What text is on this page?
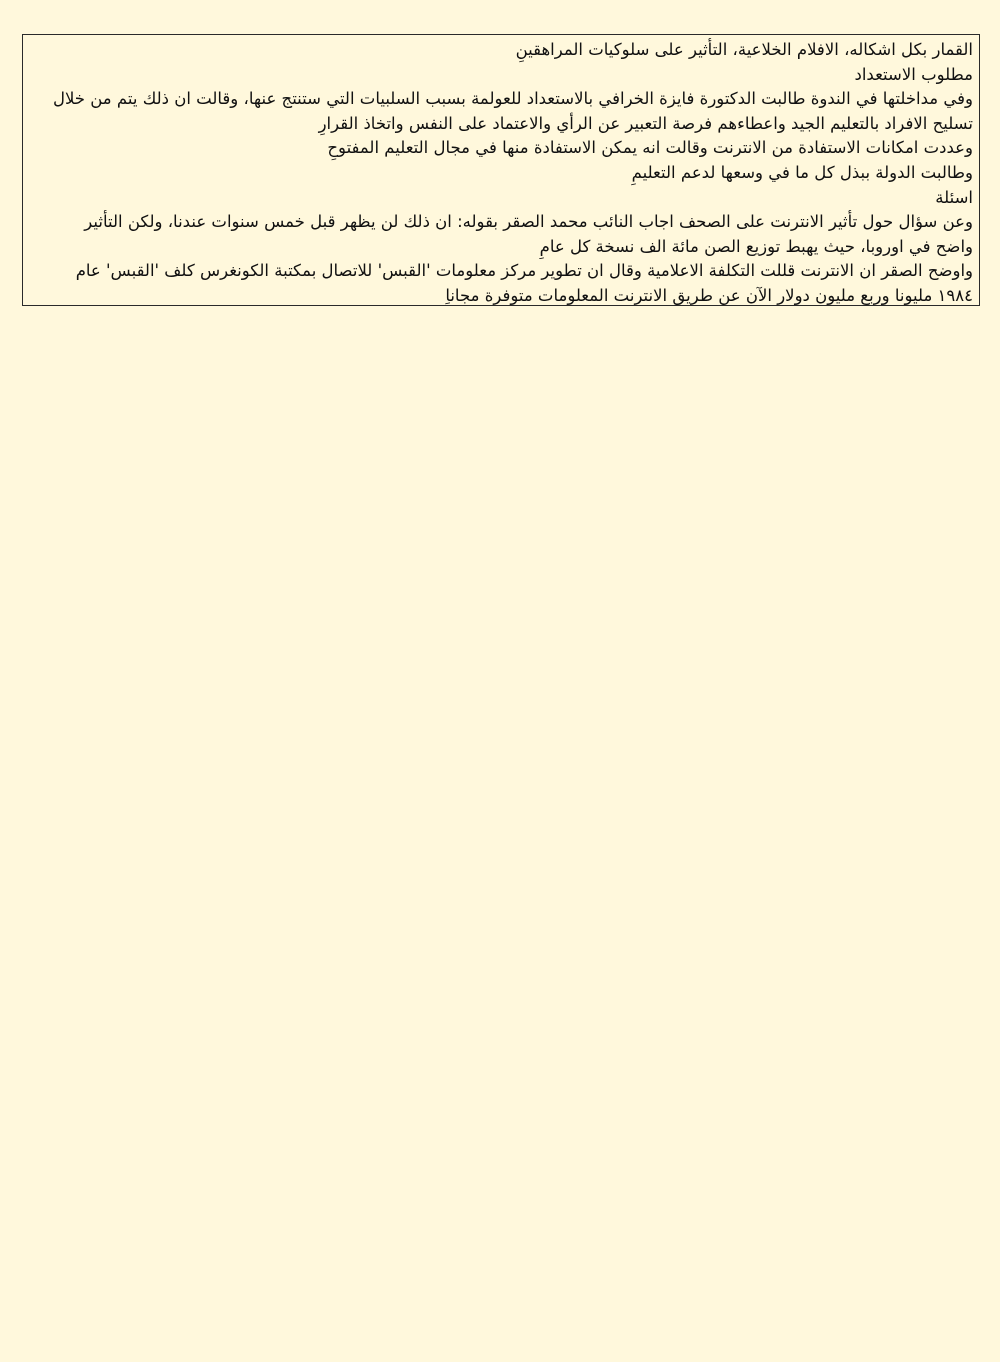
القمار بكل اشكاله، الافلام الخلاعية، التأثير على سلوكيات المراهقينِ
مطلوب الاستعداد
وفي مداخلتها في الندوة طالبت الدكتورة فايزة الخرافي بالاستعداد للعولمة بسبب السلبيات التي ستنتج عنها، وقالت ان ذلك يتم من خلال
تسليح الافراد بالتعليم الجيد واعطاءهم فرصة التعبير عن الرأي والاعتماد على النفس واتخاذ القرارِ
وعددت امكانات الاستفادة من الانترنت وقالت انه يمكن الاستفادة منها في مجال التعليم المفتوحِ
وطالبت الدولة ببذل كل ما في وسعها لدعم التعليمِ
اسئلة
وعن سؤال حول تأثير الانترنت على الصحف اجاب النائب محمد الصقر بقوله: ان ذلك لن يظهر قبل خمس سنوات عندنا، ولكن التأثير
واضح في اوروبا، حيث يهبط توزيع الصن مائة الف نسخة كل عامِ
واوضح الصقر ان الانترنت قللت التكلفة الاعلامية وقال ان تطوير مركز معلومات 'القبس' للاتصال بمكتبة الكونغرس كلف 'القبس' عام
١٩٨٤ مليونا وربع مليون دولار الآن عن طريق الانترنت المعلومات متوفرة مجاناِ
